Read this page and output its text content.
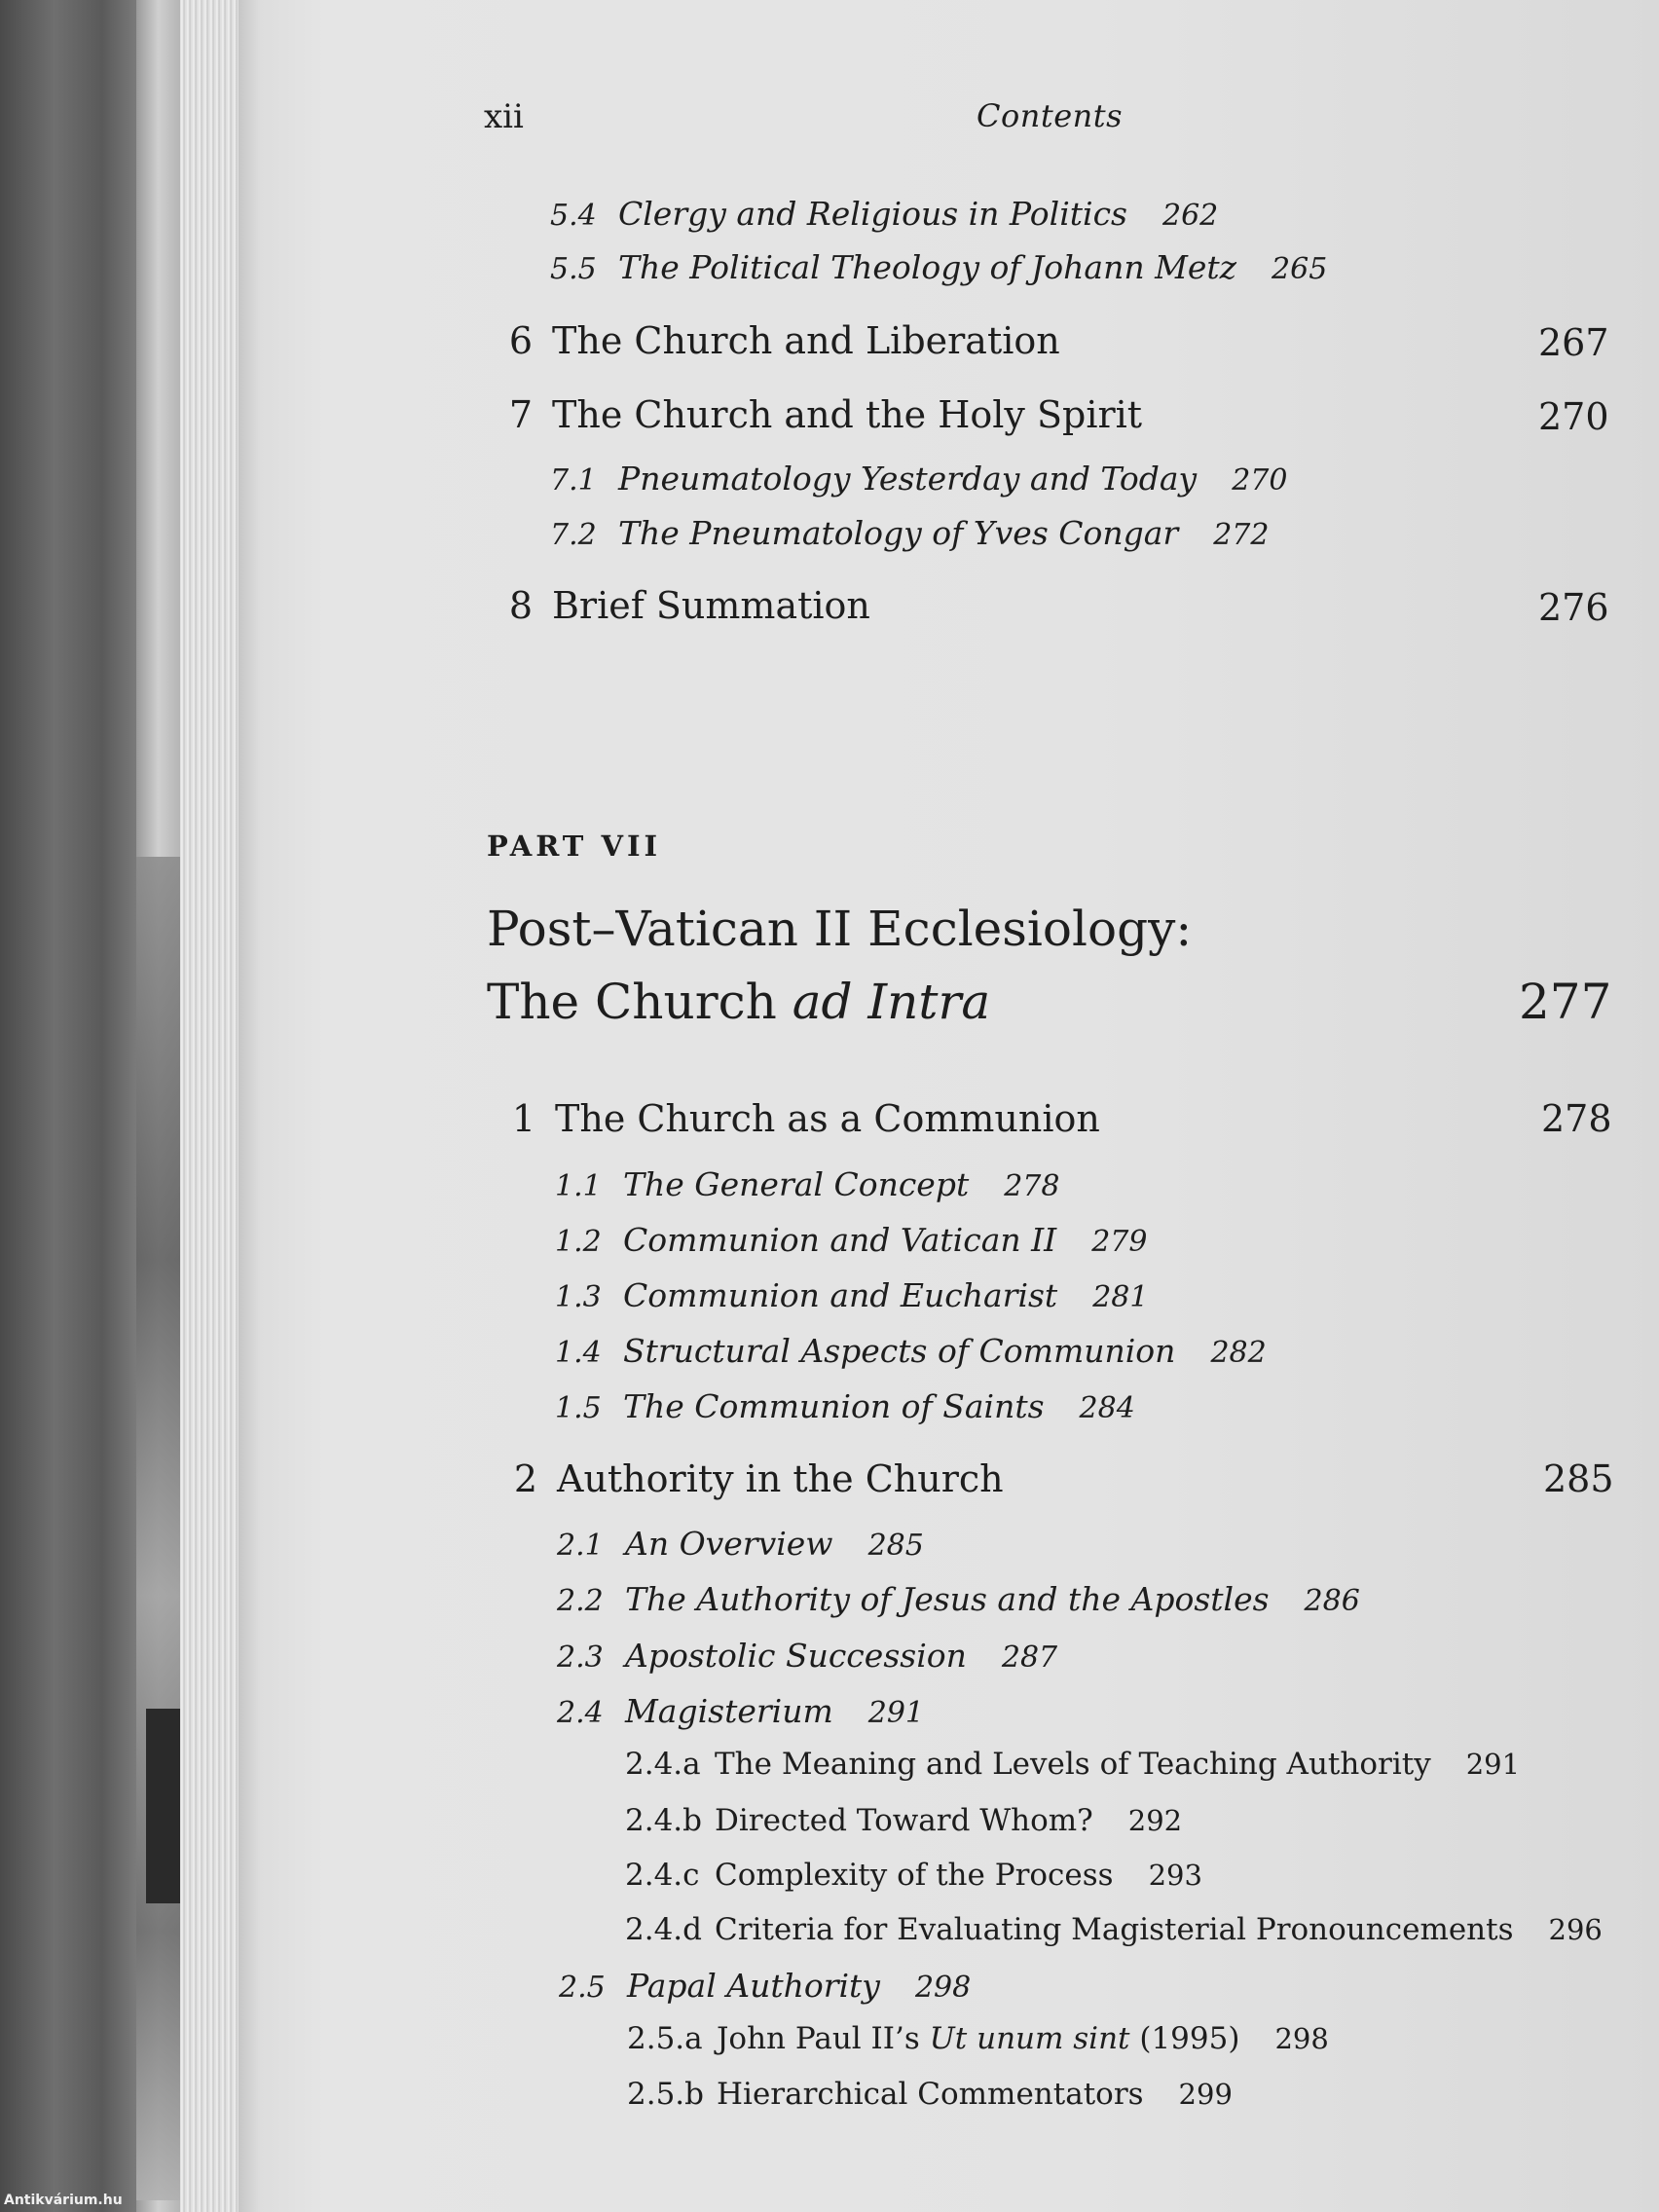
xii	Contents
5.4 Clergy and Religious in Politics 262
5.5 The Political Theology of Johann Metz 265
6 The Church and Liberation	267
7 The Church and the Holy Spirit	270
7.1 Pneumatology Yesterday and Today 270
7.2 The Pneumatology of Yves Congar 272
8 Brief Summation	276
PART VII
Post–Vatican II Ecclesiology:
The Church ad Intra	277
1 The Church as a Communion	278
1.1 The General Concept 278
1.2 Communion and Vatican II 279
1.3 Communion and Eucharist 281
1.4 Structural Aspects of Communion 282
1.5 The Communion of Saints 284
2 Authority in the Church	285
2.1 An Overview 285
2.2 The Authority of Jesus and the Apostles 286
2.3 Apostolic Succession 287
2.4 Magisterium 291
2.4.a The Meaning and Levels of Teaching Authority 291
2.4.b Directed Toward Whom? 292
2.4.c Complexity of the Process 293
2.4.d Criteria for Evaluating Magisterial Pronouncements 296
2.5 Papal Authority 298
2.5.a John Paul II’s Ut unum sint (1995) 298
2.5.b Hierarchical Commentators 299
Antikvárium.hu
